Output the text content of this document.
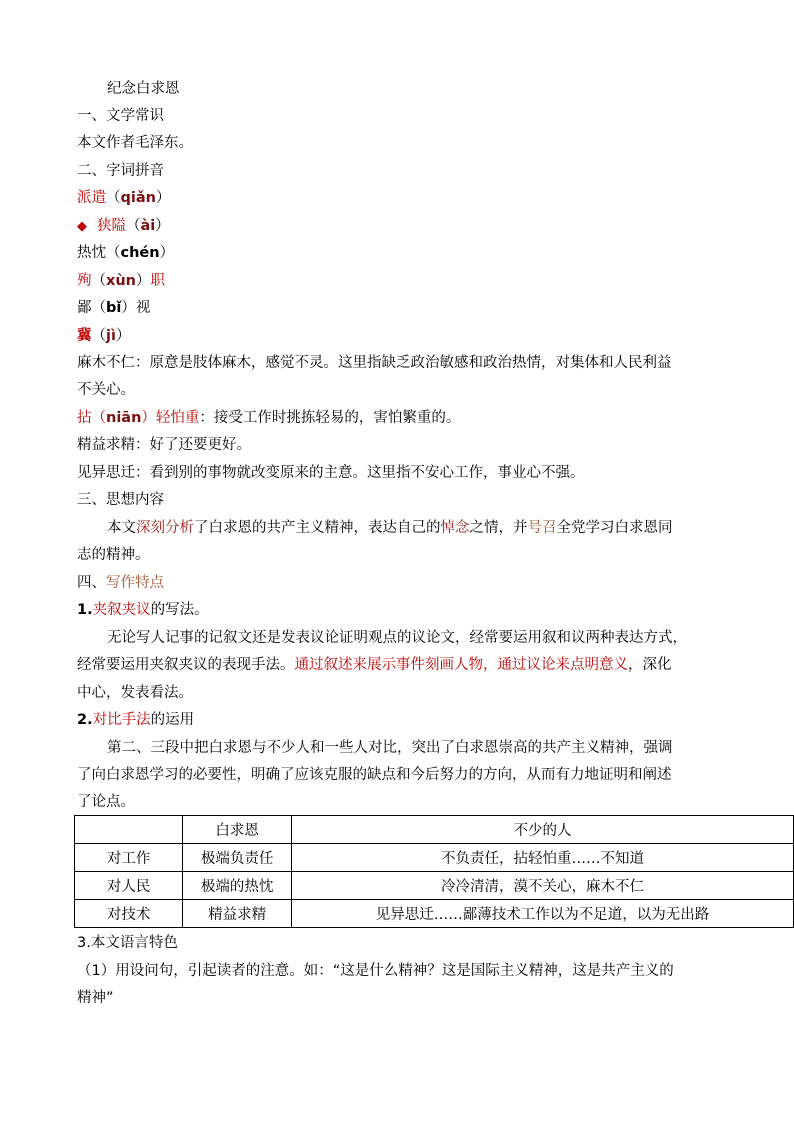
纪念白求恩
一、文学常识
本文作者毛泽东。
二、字词拼音
派遣（qiǎn）
◆ 狭隘（ài）
热忱（chén）
殉（xùn）职
鄙（bǐ）视
冀（jì）
麻木不仁：原意是肢体麻木，感觉不灵。这里指缺乏政治敏感和政治热情，对集体和人民利益
不关心。
拈（niān）轻怕重：接受工作时挑拣轻易的，害怕繁重的。
精益求精：好了还要更好。
见异思迁：看到别的事物就改变原来的主意。这里指不安心工作，事业心不强。
三、思想内容
本文深刻分析了白求恩的共产主义精神，表达自己的悼念之情，并号召全党学习白求恩同
志的精神。
四、写作特点
1.夹叙夹议的写法。
无论写人记事的记叙文还是发表议论证明观点的议论文，经常要运用叙和议两种表达方式，
经常要运用夹叙夹议的表现手法。通过叙述来展示事件刻画人物，通过议论来点明意义，深化
中心，发表看法。
2.对比手法的运用
第二、三段中把白求恩与不少人和一些人对比，突出了白求恩崇高的共产主义精神，强调
了向白求恩学习的必要性，明确了应该克服的缺点和今后努力的方向，从而有力地证明和阐述
了论点。
	白求恩	不少的人
对工作	极端负责任	不负责任，拈轻怕重……不知道
对人民	极端的热忱	冷冷清清，漠不关心，麻木不仁
对技术	精益求精	见异思迁……鄙薄技术工作以为不足道，以为无出路
3.本文语言特色
（1）用设问句，引起读者的注意。如：“这是什么精神？这是国际主义精神，这是共产主义的
精神”
